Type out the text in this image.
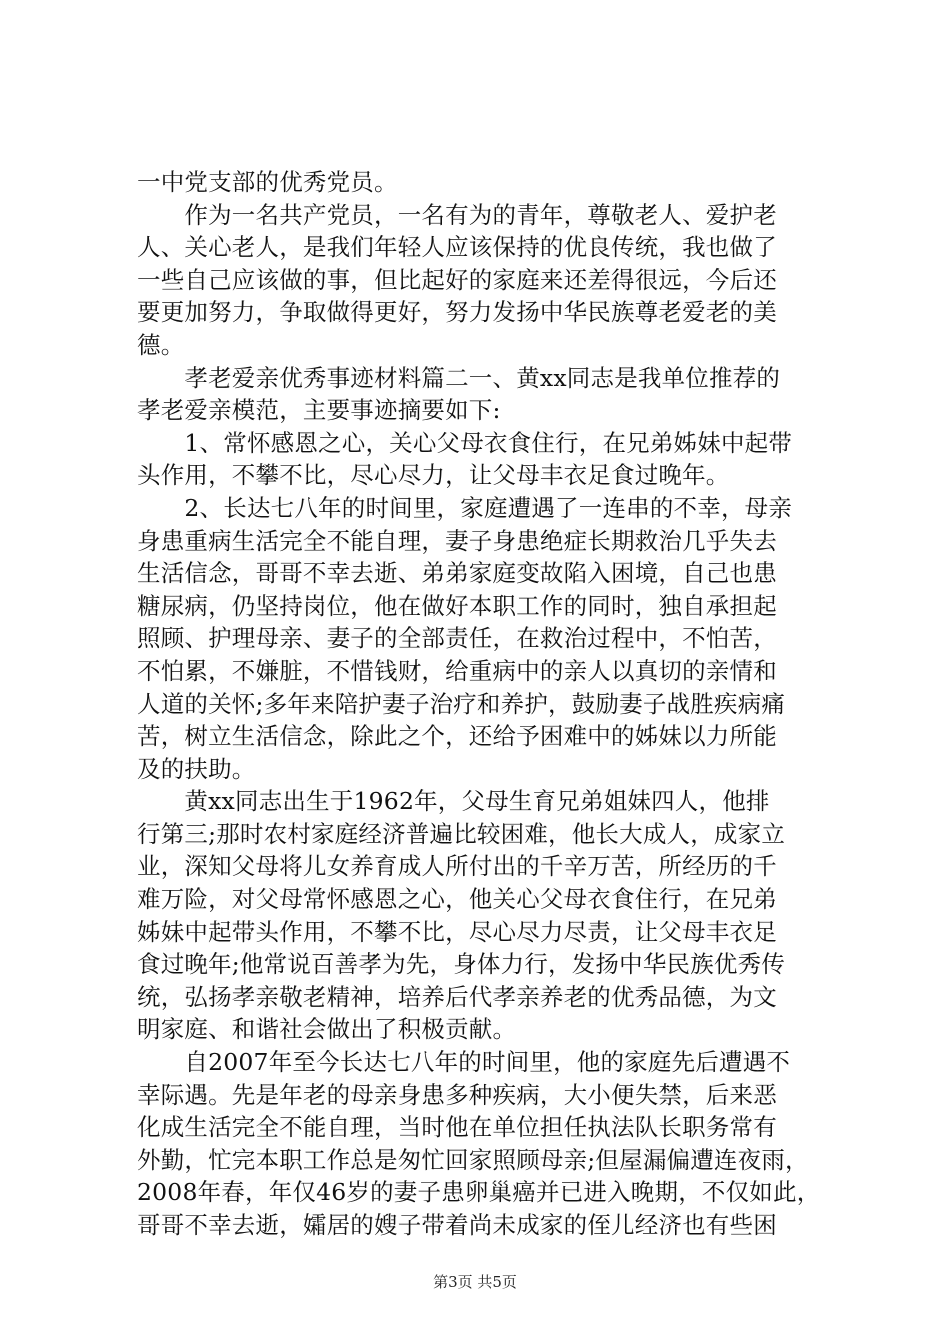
一中党支部的优秀党员。
　　作为一名共产党员，一名有为的青年，尊敬老人、爱护老
人、关心老人，是我们年轻人应该保持的优良传统，我也做了
一些自己应该做的事，但比起好的家庭来还差得很远，今后还
要更加努力，争取做得更好，努力发扬中华民族尊老爱老的美
德。
　　孝老爱亲优秀事迹材料篇二一、黄xx同志是我单位推荐的
孝老爱亲模范，主要事迹摘要如下:
　　1、常怀感恩之心，关心父母衣食住行，在兄弟姊妹中起带
头作用，不攀不比，尽心尽力，让父母丰衣足食过晚年。
　　2、长达七八年的时间里，家庭遭遇了一连串的不幸，母亲
身患重病生活完全不能自理，妻子身患绝症长期救治几乎失去
生活信念，哥哥不幸去逝、弟弟家庭变故陷入困境，自己也患
糖尿病，仍坚持岗位，他在做好本职工作的同时，独自承担起
照顾、护理母亲、妻子的全部责任，在救治过程中，不怕苦，
不怕累，不嫌脏，不惜钱财，给重病中的亲人以真切的亲情和
人道的关怀;多年来陪护妻子治疗和养护，鼓励妻子战胜疾病痛
苦，树立生活信念，除此之个，还给予困难中的姊妹以力所能
及的扶助。
　　黄xx同志出生于1962年，父母生育兄弟姐妹四人，他排
行第三;那时农村家庭经济普遍比较困难，他长大成人，成家立
业，深知父母将儿女养育成人所付出的千辛万苦，所经历的千
难万险，对父母常怀感恩之心，他关心父母衣食住行，在兄弟
姊妹中起带头作用，不攀不比，尽心尽力尽责，让父母丰衣足
食过晚年;他常说百善孝为先，身体力行，发扬中华民族优秀传
统，弘扬孝亲敬老精神，培养后代孝亲养老的优秀品德，为文
明家庭、和谐社会做出了积极贡献。
　　自2007年至今长达七八年的时间里，他的家庭先后遭遇不
幸际遇。先是年老的母亲身患多种疾病，大小便失禁，后来恶
化成生活完全不能自理，当时他在单位担任执法队长职务常有
外勤，忙完本职工作总是匆忙回家照顾母亲;但屋漏偏遭连夜雨，
2008年春，年仅46岁的妻子患卵巢癌并已进入晚期，不仅如此，
哥哥不幸去逝，孀居的嫂子带着尚未成家的侄儿经济也有些困
第3页 共5页
